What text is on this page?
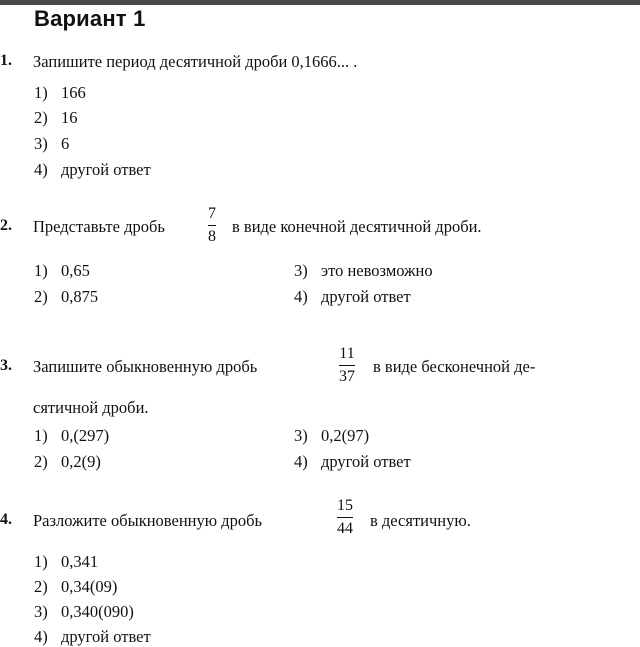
Вариант 1
1. Запишите период десятичной дроби 0,1666... .
1) 166
2) 16
3) 6
4) другой ответ
2. Представьте дробь
7
8
в виде конечной десятичной дроби.
1) 0,65
2) 0,875
3) это невозможно
4) другой ответ
3. Запишите обыкновенную дробь
11
37
в виде бесконечной де-
сятичной дроби.
1) 0,(297)
2) 0,2(9)
3) 0,2(97)
4) другой ответ
4. Разложите обыкновенную дробь
15
44 в десятичную.
1) 0,341
2) 0,34(09)
3) 0,340(090)
4) другой ответ
